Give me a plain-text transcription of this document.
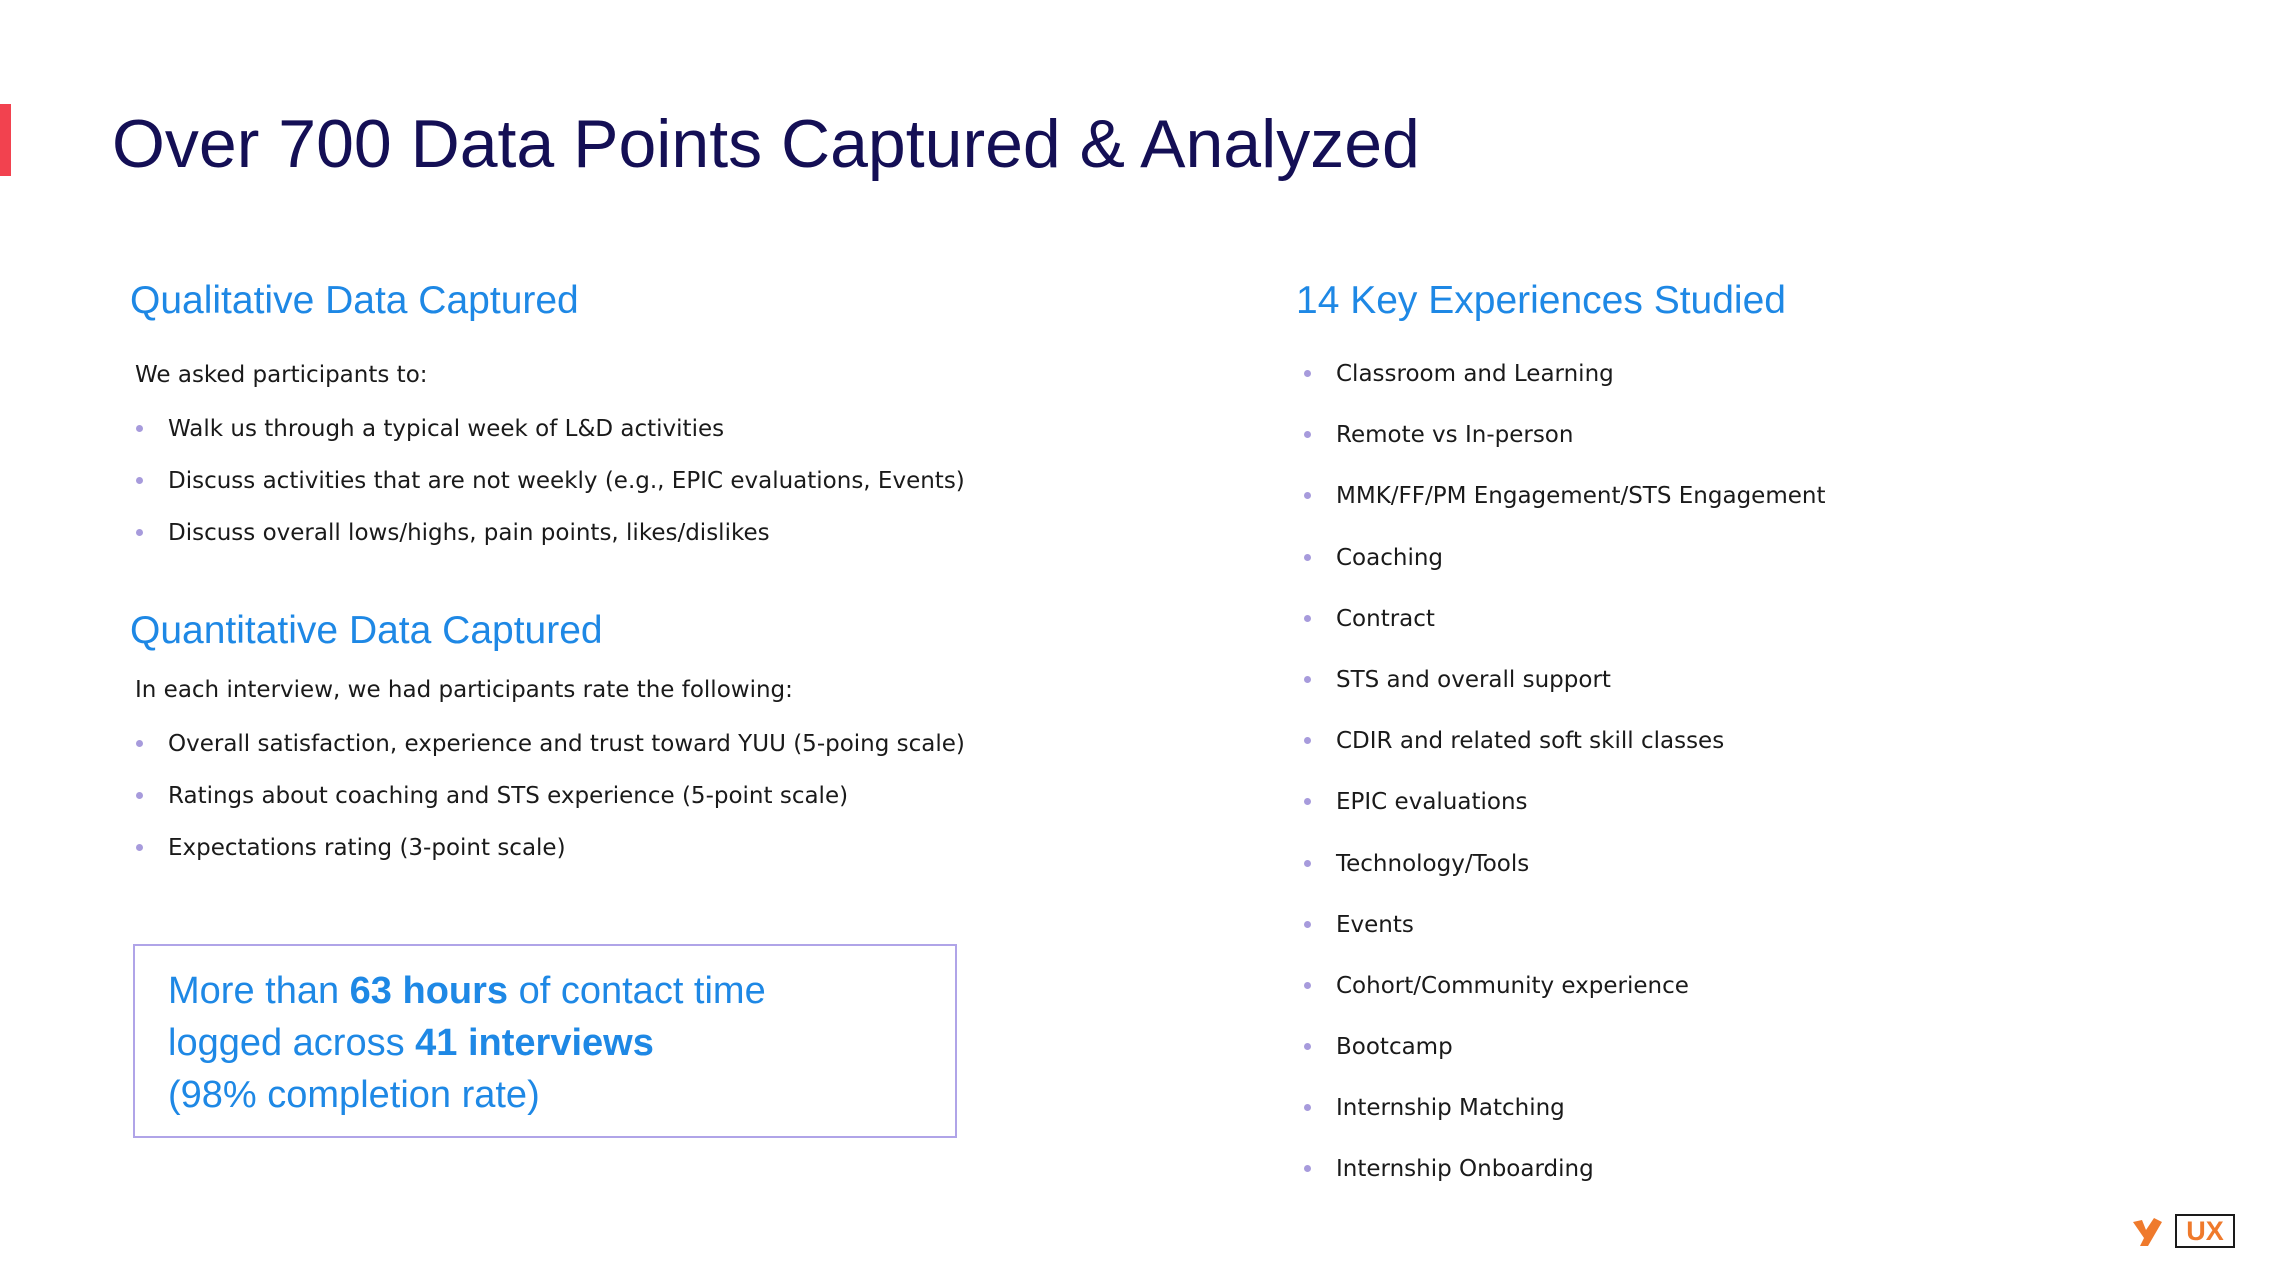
Over 700 Data Points Captured & Analyzed
Qualitative Data Captured

We asked participants to:

Walk us through a typical week of L&D activities
Discuss activities that are not weekly (e.g., EPIC evaluations, Events)
Discuss overall lows/highs, pain points, likes/dislikes
Quantitative Data Captured

In each interview, we had participants rate the following:

Overall satisfaction, experience and trust toward YUU (5-poing scale)
Ratings about coaching and STS experience (5-point scale)
Expectations rating (3-point scale)

More than 63 hours of contact time

logged across 41 interviews

(98% completion rate)

14 Key Experiences Studied
Classroom and Learning
Remote vs In-person
MMK/FF/PM Engagement/STS Engagement
Coaching
Contract
STS and overall support
CDIR and related soft skill classes
EPIC evaluations
Technology/Tools
Events
Cohort/Community experience
Bootcamp
Internship Matching
Internship Onboarding
UX
